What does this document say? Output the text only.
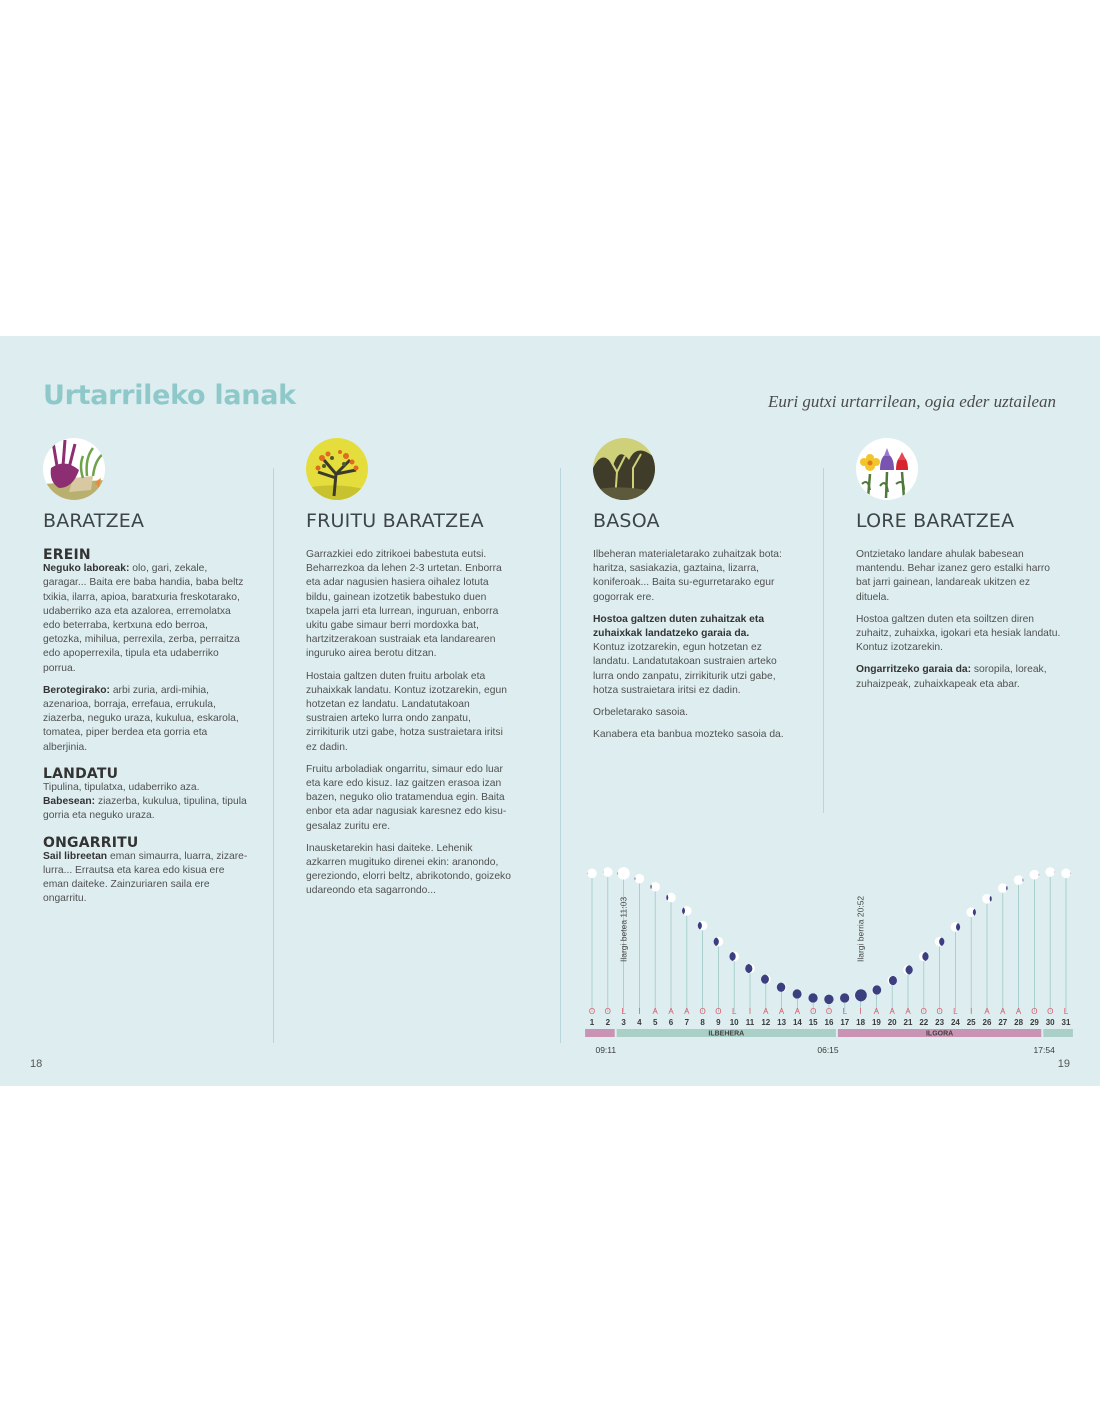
Urtarrileko lanak	Euri gutxi urtarrilean, ogia eder uztailean
BARATZEA
EREIN

Neguko laboreak: olo, gari, zekale, garagar... Baita ere baba handia, baba beltz txikia, ilarra, apioa, baratxuria freskotarako, udaberriko aza eta azalorea, erremolatxa edo beterraba, kertxuna edo berroa, getozka, mihilua, perrexila, zerba, perraitza edo apoperrexila, tipula eta udaberriko porrua.

Berotegirako: arbi zuria, ardi-mihia, azenarioa, borraja, errefaua, errukula, ziazerba, neguko uraza, kukulua, eskarola, tomatea, piper berdea eta gorria eta alberjinia.

LANDATU

Tipulina, tipulatxa, udaberriko aza.
Babesean: ziazerba, kukulua, tipulina, tipula gorria eta neguko uraza.

ONGARRITU

Sail libreetan eman simaurra, luarra, zizare-lurra... Errautsa eta karea edo kisua ere eman daiteke. Zainzuriaren saila ere ongarritu.

FRUITU BARATZEA

Garrazkiei edo zitrikoei babestuta eutsi. Beharrezkoa da lehen 2-3 urtetan. Enborra eta adar nagusien hasiera oihalez lotuta bildu, gainean izotzetik babestuko duen txapela jarri eta lurrean, inguruan, enborra ukitu gabe simaur berri mordoxka bat, hartzitzerakoan sustraiak eta landarearen inguruko airea berotu ditzan.

Hostaia galtzen duten fruitu arbolak eta zuhaixkak landatu. Kontuz izotzarekin, egun hotzetan ez landatu. Landatutakoan sustraien arteko lurra ondo zanpatu, zirrikiturik utzi gabe, hotza sustraietara iritsi ez dadin.

Fruitu arboladiak ongarritu, simaur edo luar eta kare edo kisuz. Iaz gaitzen erasoa izan bazen, neguko olio tratamendua egin. Baita enbor eta adar nagusiak karesnez edo kisu-gesalaz zuritu ere.

Inausketarekin hasi daiteke. Lehenik azkarren mugituko direnei ekin: aranondo, gereziondo, elorri beltz, abrikotondo, goizeko udareondo eta sagarrondo...

BASOA

Ilbeheran materialetarako zuhaitzak bota: haritza, sasiakazia, gaztaina, lizarra, koniferoak... Baita su-egurretarako egur gogorrak ere.

Hostoa galtzen duten zuhaitzak eta zuhaixkak landatzeko garaia da.
Kontuz izotzarekin, egun hotzetan ez landatu. Landatutakoan sustraien arteko lurra ondo zanpatu, zirrikiturik utzi gabe, hotza sustraietara iritsi ez dadin.

Orbeletarako sasoia.

Kanabera eta banbua mozteko sasoia da.

LORE BARATZEA

Ontzietako landare ahulak babesean mantendu. Behar izanez gero estalki harro bat jarri gainean, landareak ukitzen ez dituela.

Hostoa galtzen duten eta soiltzen diren zuhaitz, zuhaixka, igokari eta hesiak landatu. Kontuz izotzarekin.

Ongarritzeko garaia da: soropila, loreak, zuhaizpeak, zuhaixkapeak eta abar.

Ilargi betea 11:03	Ilargi berria 20:52
O
1
O
2
L
3
I
4
A
5
A
6
A
7
O
8
O
9
L
10
I
11
A
12
A
13
A
14
O
15
O
16
L
17
I
18
A
19
A
20
A
21
O
22
O
23
L
24
I
25
A
26
A
27
A
28
O
29
O
30
L
31
ILBEHERA	ILGORA
09:11	06:15	17:54
18	19
